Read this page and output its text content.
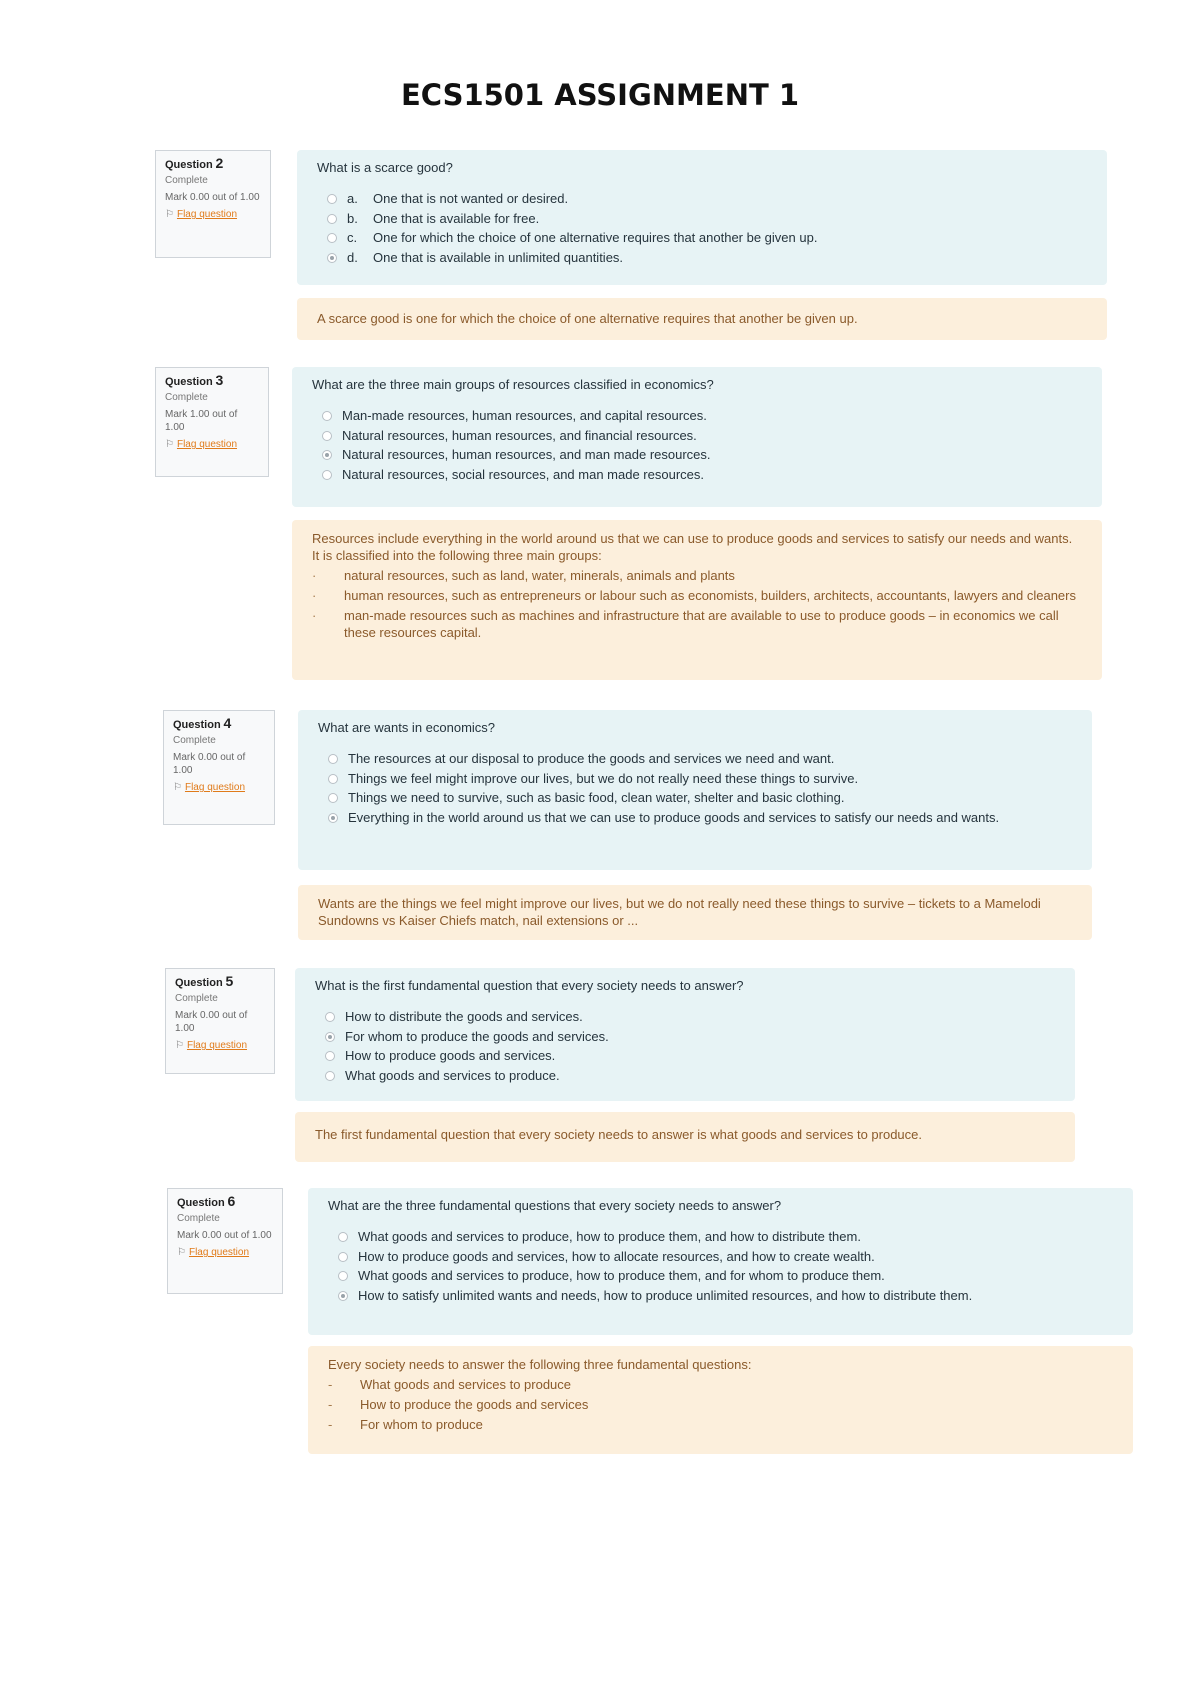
ECS1501 ASSIGNMENT 1
Question 2
Complete
Mark 0.00 out of 1.00
⚐ Flag question
What is a scarce good?
a.	One that is not wanted or desired.
b.	One that is available for free.
c.	One for which the choice of one alternative requires that another be given up.
d.	One that is available in unlimited quantities.
A scarce good is one for which the choice of one alternative requires that another be given up.
Question 3
Complete
Mark 1.00 out of 1.00
⚐ Flag question
What are the three main groups of resources classified in economics?
Man-made resources, human resources, and capital resources.
Natural resources, human resources, and financial resources.
Natural resources, human resources, and man made resources.
Natural resources, social resources, and man made resources.
Resources include everything in the world around us that we can use to produce goods and services to satisfy our needs and wants. It is classified into the following three main groups:
·	natural resources, such as land, water, minerals, animals and plants
·	human resources, such as entrepreneurs or labour such as economists, builders, architects, accountants, lawyers and cleaners
·	man-made resources such as machines and infrastructure that are available to use to produce goods – in economics we call these resources capital.
Question 4
Complete
Mark 0.00 out of 1.00
⚐ Flag question
What are wants in economics?
The resources at our disposal to produce the goods and services we need and want.
Things we feel might improve our lives, but we do not really need these things to survive.
Things we need to survive, such as basic food, clean water, shelter and basic clothing.
Everything in the world around us that we can use to produce goods and services to satisfy our needs and wants.
Wants are the things we feel might improve our lives, but we do not really need these things to survive – tickets to a Mamelodi Sundowns vs Kaiser Chiefs match, nail extensions or ...
Question 5
Complete
Mark 0.00 out of 1.00
⚐ Flag question
What is the first fundamental question that every society needs to answer?
How to distribute the goods and services.
For whom to produce the goods and services.
How to produce goods and services.
What goods and services to produce.
The first fundamental question that every society needs to answer is what goods and services to produce.
Question 6
Complete
Mark 0.00 out of 1.00
⚐ Flag question
What are the three fundamental questions that every society needs to answer?
What goods and services to produce, how to produce them, and how to distribute them.
How to produce goods and services, how to allocate resources, and how to create wealth.
What goods and services to produce, how to produce them, and for whom to produce them.
How to satisfy unlimited wants and needs, how to produce unlimited resources, and how to distribute them.
Every society needs to answer the following three fundamental questions:
-	What goods and services to produce
-	How to produce the goods and services
-	For whom to produce
